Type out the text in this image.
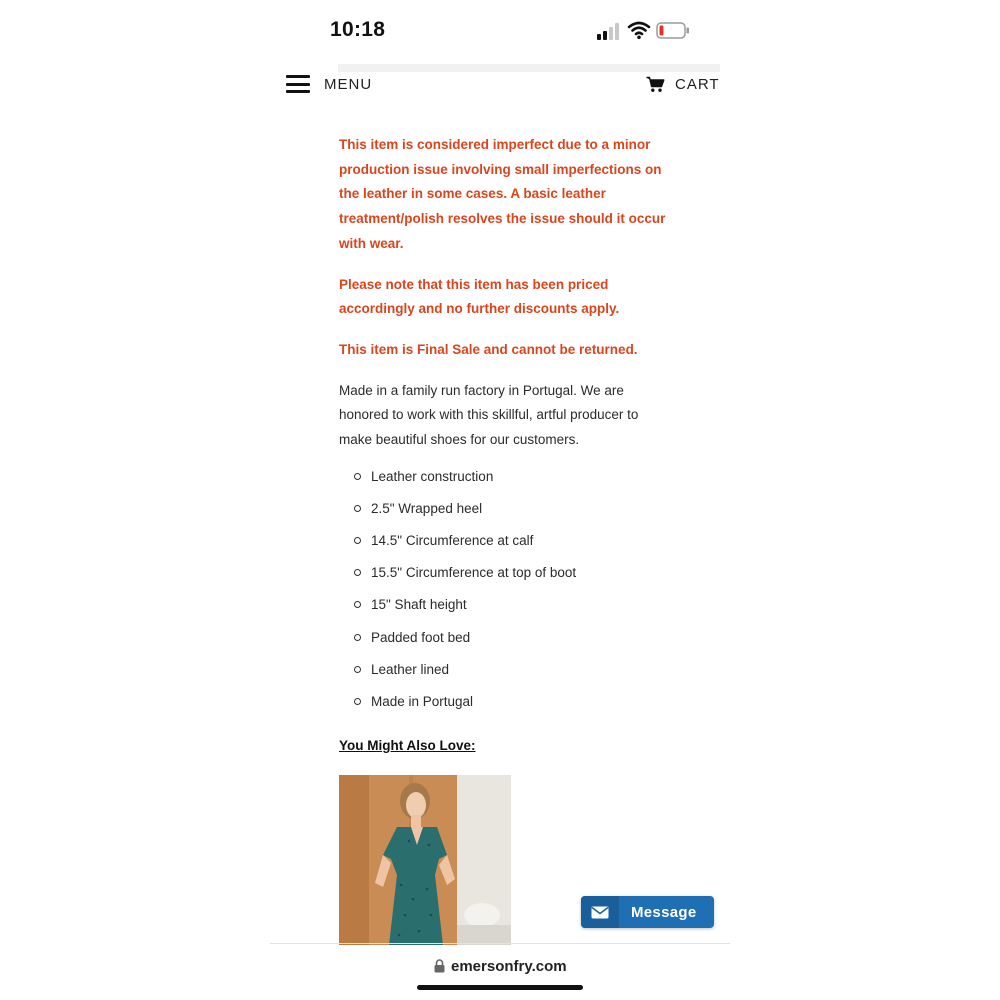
10:18
MENU	CART

This item is considered imperfect due to a minor production issue involving small imperfections on the leather in some cases. A basic leather treatment/polish resolves the issue should it occur with wear.

Please note that this item has been priced accordingly and no further discounts apply.

This item is Final Sale and cannot be returned.

Made in a family run factory in Portugal. We are honored to work with this skillful, artful producer to make beautiful shoes for our customers.

Leather construction
2.5" Wrapped heel
14.5" Circumference at calf
15.5" Circumference at top of boot
15" Shaft height
Padded foot bed
Leather lined
Made in Portugal
You Might Also Love:
Message
emersonfry.com
